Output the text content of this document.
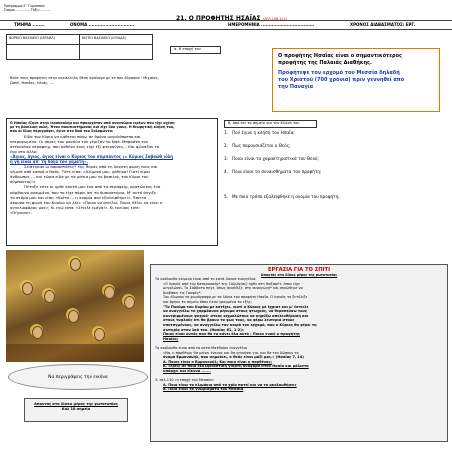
Πρόγραμμα Ε΄ Γυμνασίου

Όνομα: ............. Τάξη: ..........

21. Ο ΠΡΟΦΗΤΗΣ ΗΣΑΪΑΣ (ΣΕΛ.108-111)
ΤΜΗΜΑ ........	ΟΝΟΜΑ ..............................	ΗΜΕΡΟΜΗΝΙΑ ...................................	ΧΡΟΝΟΣ ΔΙΑΒΑΣΜΑΤΟΣ: ΕΡΓ.
ΒΟΡΕΙΟ ΒΑΣΙΛΕΙΟ (ΙΣΡΑΗΛ)	ΝΟΤΙΟ ΒΑΣΙΛΕΙΟ (ΙΟΥΔΑΣ)

α. Η εποχή του

Βάλε τους προφήτες στην κατάλληλη θέση ανάλογα με το που έδρασαν : Μιχαίας,

Ωσηέ, Ησαΐας, Ηλίας, ....

Ο προφήτης Ησαΐας είναι ο σημαντικότερος

προφήτης της Παλαιάς Διαθήκης.

Προφήτεψε τον ερχομό του Μεσσία δηλαδή

του Χριστού (700 χρόνια) πριν γεννηθεί από

την Παναγία

Ο Ησαΐας έζησε στην Ιερουσαλήμ και προερχόταν από αναγνώριο ιερέων που είχε σχέση

με τη βασιλική αυλή. Ήταν πανεπιστήμονας και είχε δύο γιους. Η θεωρητική κλήση του,

που οι ίδιος περιγράφει, έγινε στο Ναό του Σολομώντα:

Είδα τον Κύριο να κάθεται πάνω σε θρόνο μεγαλόπρεπο και

υπερυψωμένο. Οι άκρες του μανδύα του γέμιζαν το Ναό. Μπροστά του

στέκονταν σεραφείμ, που καθένα τους είχε έξι φτερούγες... Και φώναζαν το

ένα στο άλλο:

«Άγιος, άγιος, άγιος είναι ο Κύριος του σύμπαντος (= Κύριος Σαβαώθ )όλη

η γη είναι απ' τη δόξα του γεμάτη».

Σείστηκαν οι παραστάτες* της θύρας από τη δυνατή φωνή τους και

γέμισε από καπνό ο Ναός. Τότε είπα: «Αλίμονό μου, χάθηκα! Γιατί είμαι

άνθρωπος ... και τώρα είδα με τα μάτια μου το βασιλιά, τον Κύριο του

σύμπαντος!».

Πέταξε τότε κι ήρθε κοντά μου ένα από τα σεραφείμ, κρατώντας ένα

κάρβουνο αναμμένο, που το είχε πάρει απ' το θυσιαστήριο. Μ' αυτό άγγιξε

το στόμα μου και είπε: «Κοίτα ... η ανομία σου εξαλείφθηκε!». Έπειτα

άκουσα τη φωνή του Κυρίου να λέει: «Ποιον να στείλω; Ποιος θέλει να γίνει ο

αγγελιοφόρος μας»; Κι εγώ είπα: «Στείλε εμένα!». Κι εκείνος είπε:

«Πήγαινε».

β. Από ότι το σημείο για την Κλήση του
1. Πού έγινε η κλήση του Ησαΐα;
2. Πως παρουσιάζεται ο Θεός;
3. Ποιοι είναι τα χαρακτηριστικά του Θεού;
4. Ποια είναι τα συναισθήματα του προφήτη;
5. Με ποιο τρόπο εξαλείφθηκε η ανομία του προφήτη;
Να περιγράψεις την εικόνα

Απαντάς στο δίσκο μέρος της φωτοτυπίας

Καλ 10 σημεία

ΕΡΓΑΣΙΑ ΓΙΑ ΤΟ ΣΠΙΤΙ

Απαντάς στο δίσκο μέρος της φωτοτυπίας

Το ακόλουθο κείμενο είναι από το κατά Λουκά ευαγγέλιο:

«Ο Ιησούς από την Καπερναούμ* της Γαλιλαίας) ήρθε στη Ναζαρέτ, όπου είχε

μεγαλώσει. Το Σάββατο πήγε, όπως συνήθιζε, στη συναγωγή* και σηκώθηκε να

διαβάσει τις Γραφές*.

Του έδωσαν το χειρόγραφο με τα λόγια του προφήτη Ησαΐα. Ο Ιησούς το ξετύλιξε

και βρήκε το σημείο όπου ήταν γραμμένα τα εξής:

"Το Πνεύμα του Κυρίου με κατέχει, γιατί ο Κύριος με έχρισε και μ' έστειλε

να αναγγείλω το χαρμόσυνο μήνυμα στους φτωχούς, να θεραπεύσω τους

συντριμμένους ψυχικά· στους αιχμαλώτους να κηρύξω απελευθέρωση και

στους τυφλούς ότι θα βρουν το φως τους, να φέρω λευτεριά στους

υποταγμένους, να αναγγείλω τον καιρό του ερχομό, που ο Κύριος θα φέρει τη

σωτηρία στον λαό του. (Ησαΐας 61, 1-2)»

Ποιος είναι αυτός που θα τα κάνει όλα αυτά ; Ποιον ενοεί ο προφήτης

Ησαΐας;

Το ακόλουθο είναι από το κατά Ματθαίον ευαγγέλιο

«Να, η παρθένος θα μείνει έγκυος και θα γεννήσει γιο, και θα τον δώσουν το

όνομα Εμμανουήλ, που σημαίνει, ο Θεός είναι μαζί μας.» (Ησαΐας 7, 14)

Α. Ποιος είναι ο Εμμανουήλ; Και ποια είναι η παρθένος;

Β. Ξέρεις σε ποια εκκλησιαστική γιορτή αναφορά στον Ησαΐα και μάλιστα

υπάρχει και είκονα .......

3. σελ.110 «η εποχή του Μεσσία»

Α. Ποια είναι τα κλιμάκια από τα χρίο ποτεί και να το ακολουθήσεις

Β. Ποια είναι τα γνωρίσματα του Μεσσία
